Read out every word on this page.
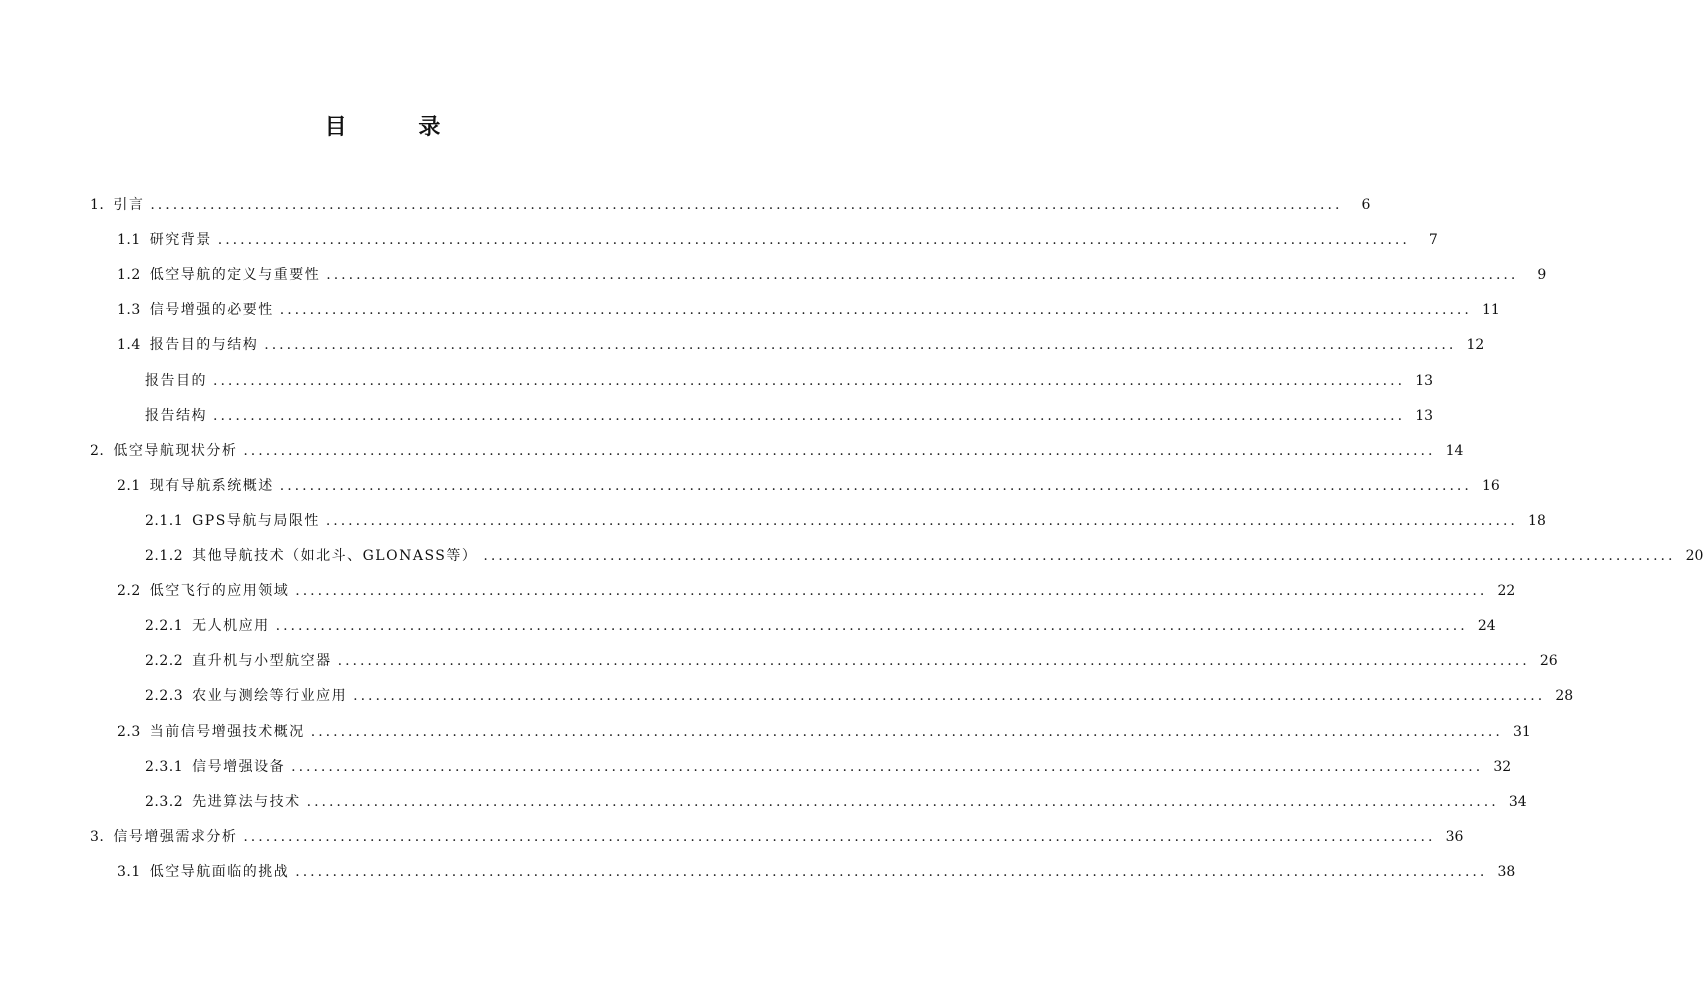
目 录
1. 引言 ................................................................................................................................................................	6
1.1 研究背景 ................................................................................................................................................................	7
1.2 低空导航的定义与重要性 ................................................................................................................................................................	9
1.3 信号增强的必要性 ................................................................................................................................................................ 11
1.4 报告目的与结构 ................................................................................................................................................................ 12
报告目的 ................................................................................................................................................................ 13
报告结构 ................................................................................................................................................................ 13
2. 低空导航现状分析 ................................................................................................................................................................ 14
2.1 现有导航系统概述 ................................................................................................................................................................ 16
2.1.1 GPS导航与局限性 ................................................................................................................................................................ 18
2.1.2 其他导航技术（如北斗、GLONASS等） ................................................................................................................................................................ 20
2.2 低空飞行的应用领域 ................................................................................................................................................................ 22
2.2.1 无人机应用 ................................................................................................................................................................ 24
2.2.2 直升机与小型航空器 ................................................................................................................................................................ 26
2.2.3 农业与测绘等行业应用 ................................................................................................................................................................ 28
2.3 当前信号增强技术概况 ................................................................................................................................................................ 31
2.3.1 信号增强设备 ................................................................................................................................................................ 32
2.3.2 先进算法与技术 ................................................................................................................................................................ 34
3. 信号增强需求分析 ................................................................................................................................................................ 36
3.1 低空导航面临的挑战 ................................................................................................................................................................ 38
